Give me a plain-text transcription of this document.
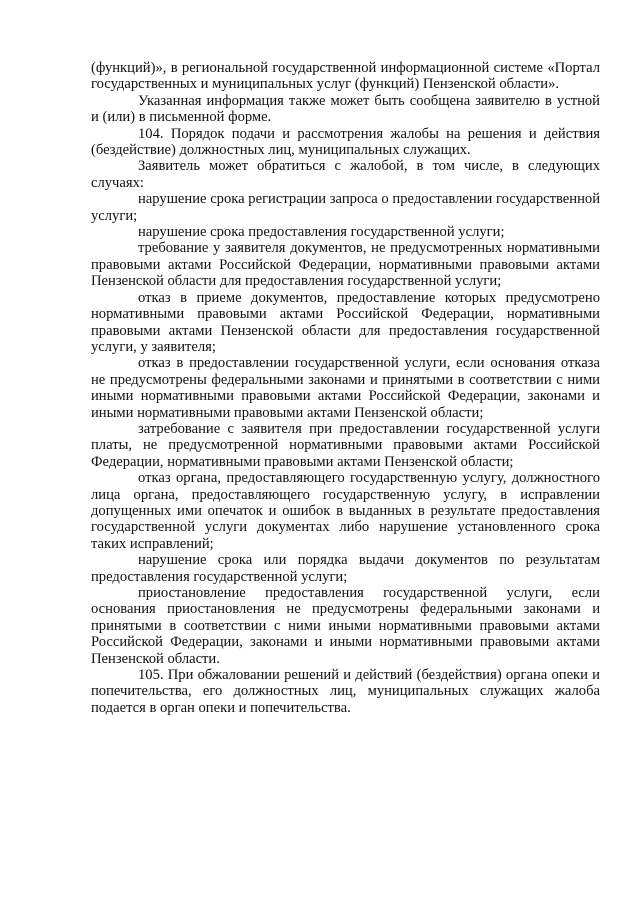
(функций)», в региональной государственной информационной системе «Портал государственных и муниципальных услуг (функций) Пензенской области».

Указанная информация также может быть сообщена заявителю в устной и (или) в письменной форме.

104. Порядок подачи и рассмотрения жалобы на решения и действия (бездействие) должностных лиц, муниципальных служащих.

Заявитель может обратиться с жалобой, в том числе, в следующих случаях:

нарушение срока регистрации запроса о предоставлении государственной услуги;

нарушение срока предоставления государственной услуги;

требование у заявителя документов, не предусмотренных нормативными правовыми актами Российской Федерации, нормативными правовыми актами Пензенской области для предоставления государственной услуги;

отказ в приеме документов, предоставление которых предусмотрено нормативными правовыми актами Российской Федерации, нормативными правовыми актами Пензенской области для предоставления государственной услуги, у заявителя;

отказ в предоставлении государственной услуги, если основания отказа не предусмотрены федеральными законами и принятыми в соответствии с ними иными нормативными правовыми актами Российской Федерации, законами и иными нормативными правовыми актами Пензенской области;

затребование с заявителя при предоставлении государственной услуги платы, не предусмотренной нормативными правовыми актами Российской Федерации, нормативными правовыми актами Пензенской области;

отказ органа, предоставляющего государственную услугу, должностного лица органа, предоставляющего государственную услугу, в исправлении допущенных ими опечаток и ошибок в выданных в результате предоставления государственной услуги документах либо нарушение установленного срока таких исправлений;

нарушение срока или порядка выдачи документов по результатам предоставления государственной услуги;

приостановление предоставления государственной услуги, если основания приостановления не предусмотрены федеральными законами и принятыми в соответствии с ними иными нормативными правовыми актами Российской Федерации, законами и иными нормативными правовыми актами Пензенской области.

105. При обжаловании решений и действий (бездействия) органа опеки и попечительства, его должностных лиц, муниципальных служащих жалоба подается в орган опеки и попечительства.
